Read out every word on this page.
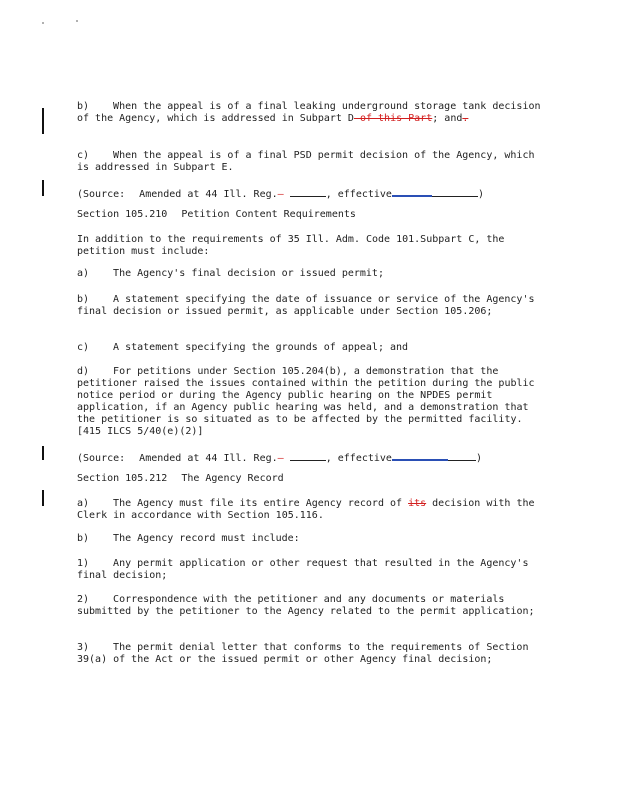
b) When the appeal is of a final leaking underground storage tank decision of the Agency, which is addressed in Subpart D of this Part; and.

c) When the appeal is of a final PSD permit decision of the Agency, which is addressed in Subpart E.

(Source: Amended at 44 Ill. Reg.—	, effective	)

Section 105.210 Petition Content Requirements

In addition to the requirements of 35 Ill. Adm. Code 101.Subpart C, the petition must include:

a) The Agency's final decision or issued permit;

b) A statement specifying the date of issuance or service of the Agency's final decision or issued permit, as applicable under Section 105.206;

c) A statement specifying the grounds of appeal; and

d) For petitions under Section 105.204(b), a demonstration that the petitioner raised the issues contained within the petition during the public notice period or during the Agency public hearing on the NPDES permit application, if an Agency public hearing was held, and a demonstration that the petitioner is so situated as to be affected by the permitted facility.[415 ILCS 5/40(e)(2)]

(Source: Amended at 44 Ill. Reg.—	, effective	)

Section 105.212 The Agency Record

a) The Agency must file its entire Agency record of its decision with the Clerk in accordance with Section 105.116.

b) The Agency record must include:

1) Any permit application or other request that resulted in the Agency's final decision;

2) Correspondence with the petitioner and any documents or materials submitted by the petitioner to the Agency related to the permit application;

3) The permit denial letter that conforms to the requirements of Section 39(a) of the Act or the issued permit or other Agency final decision;
